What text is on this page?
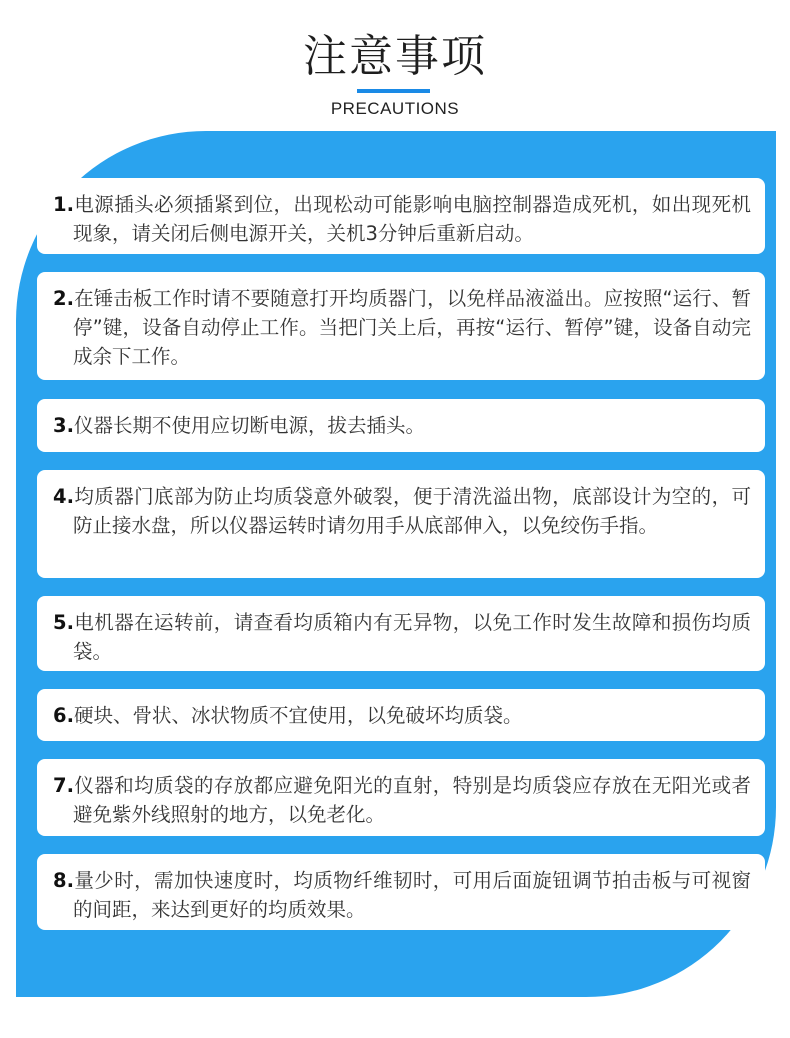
注意事项
PRECAUTIONS
1.电源插头必须插紧到位，出现松动可能影响电脑控制器造成死机，如出现死机现象，请关闭后侧电源开关，关机3分钟后重新启动。
2.在锤击板工作时请不要随意打开均质器门，以免样品液溢出。应按照“运行、暂停”键，设备自动停止工作。当把门关上后，再按“运行、暂停”键，设备自动完成余下工作。
3.仪器长期不使用应切断电源，拔去插头。
4.均质器门底部为防止均质袋意外破裂，便于清洗溢出物，底部设计为空的，可防止接水盘，所以仪器运转时请勿用手从底部伸入，以免绞伤手指。
5.电机器在运转前，请查看均质箱内有无异物，以免工作时发生故障和损伤均质袋。
6.硬块、骨状、冰状物质不宜使用，以免破坏均质袋。
7.仪器和均质袋的存放都应避免阳光的直射，特别是均质袋应存放在无阳光或者避免紫外线照射的地方，以免老化。
8.量少时，需加快速度时，均质物纤维韧时，可用后面旋钮调节拍击板与可视窗的间距，来达到更好的均质效果。
